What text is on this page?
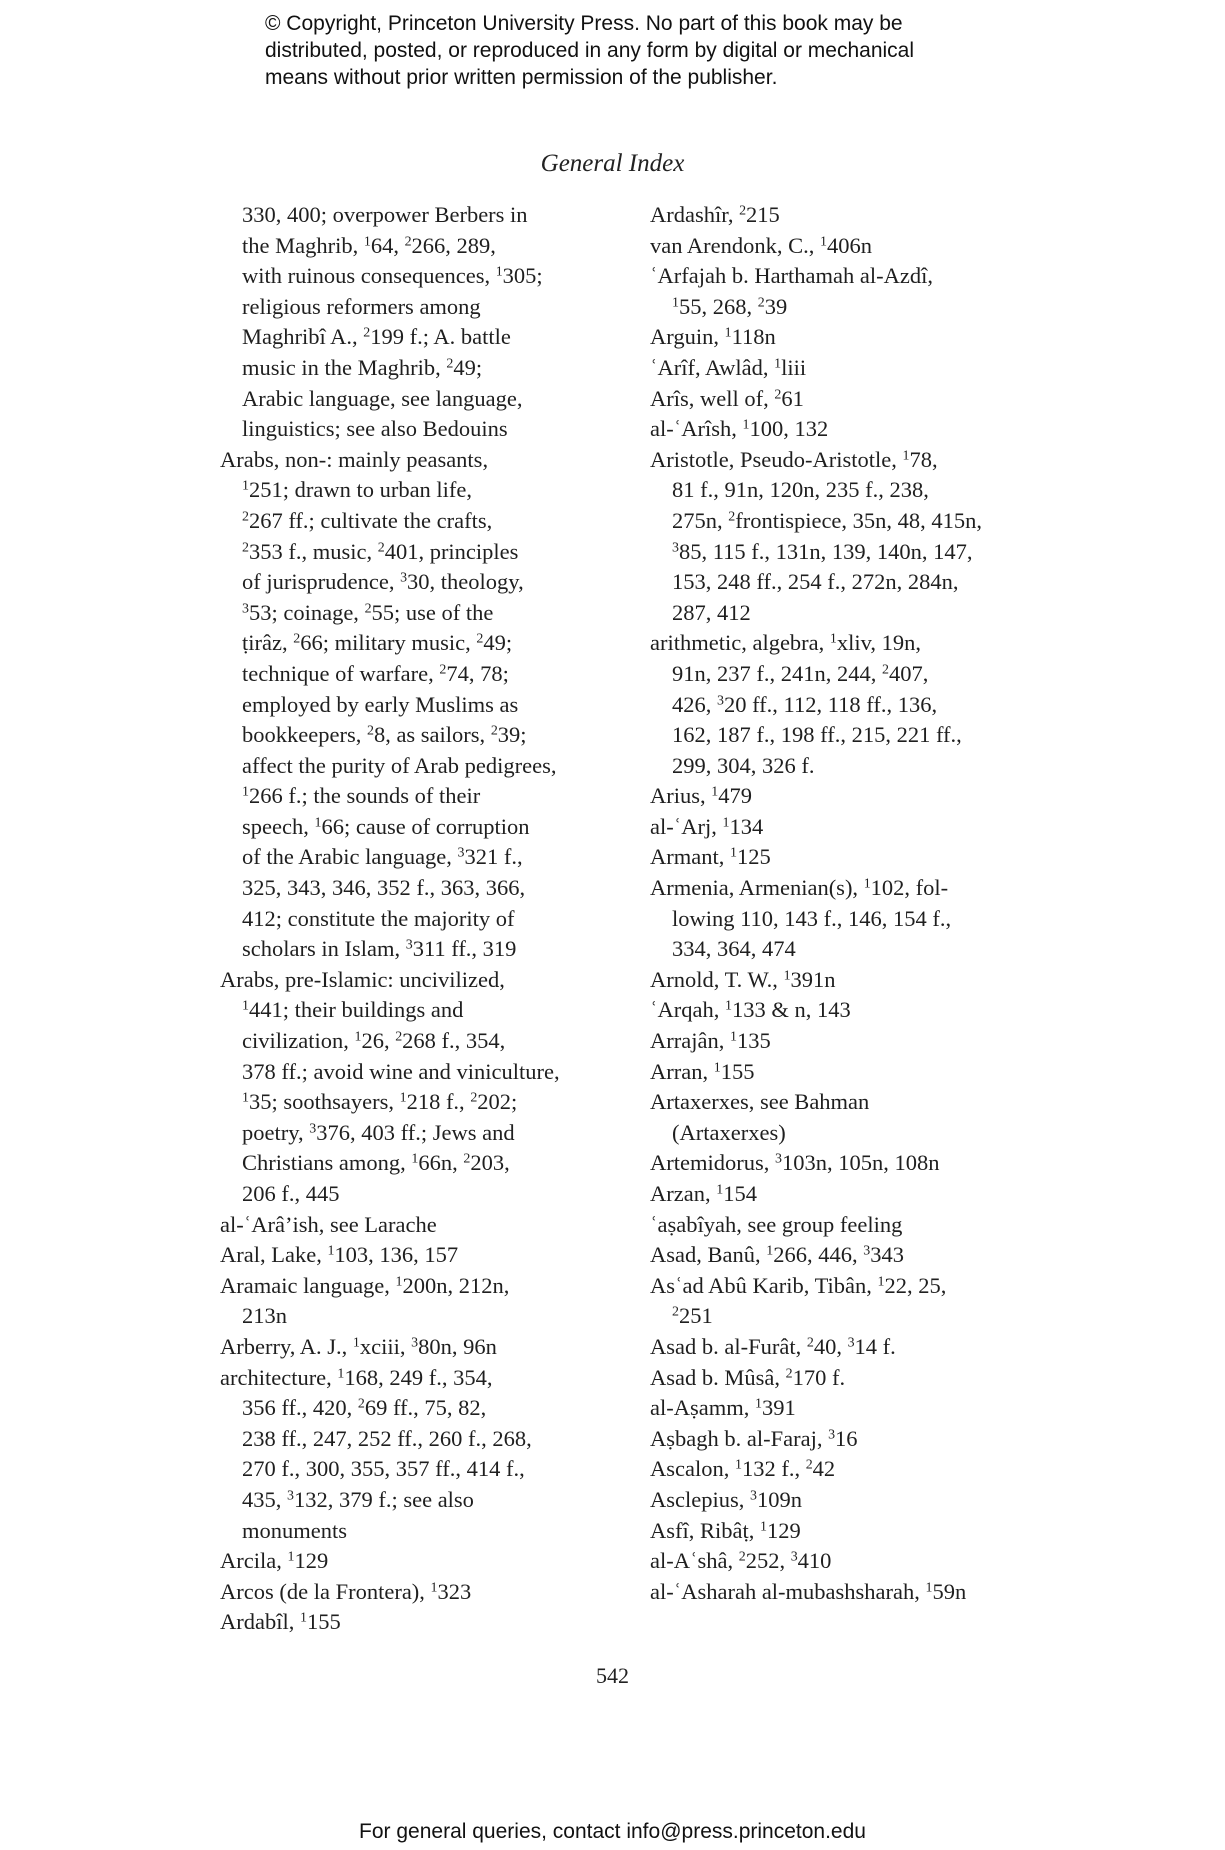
© Copyright, Princeton University Press. No part of this book may be
distributed, posted, or reproduced in any form by digital or mechanical
means without prior written permission of the publisher.
General Index
330, 400; overpower Berbers in
the Maghrib, $^1$64, $^2$266, 289,
with ruinous consequences, $^1$305;
religious reformers among
Maghribî A., $^2$199 f.; A. battle
music in the Maghrib, $^2$49;
Arabic language, see language,
linguistics; see also Bedouins
Arabs, non-: mainly peasants,
$^1$251; drawn to urban life,
$^2$267 ff.; cultivate the crafts,
$^2$353 f., music, $^2$401, principles
of jurisprudence, $^3$30, theology,
$^3$53; coinage, $^2$55; use of the
ṭirâz, $^2$66; military music, $^2$49;
technique of warfare, $^2$74, 78;
employed by early Muslims as
bookkeepers, $^2$8, as sailors, $^2$39;
affect the purity of Arab pedigrees,
$^1$266 f.; the sounds of their
speech, $^1$66; cause of corruption
of the Arabic language, $^3$321 f.,
325, 343, 346, 352 f., 363, 366,
412; constitute the majority of
scholars in Islam, $^3$311 ff., 319
Arabs, pre-Islamic: uncivilized,
$^1$441; their buildings and
civilization, $^1$26, $^2$268 f., 354,
378 ff.; avoid wine and viniculture,
$^1$35; soothsayers, $^1$218 f., $^2$202;
poetry, $^3$376, 403 ff.; Jews and
Christians among, $^1$66n, $^2$203,
206 f., 445
al-ʿArâ’ish, see Larache
Aral, Lake, $^1$103, 136, 157
Aramaic language, $^1$200n, 212n,
213n
Arberry, A. J., $^1$xciii, $^3$80n, 96n
architecture, $^1$168, 249 f., 354,
356 ff., 420, $^2$69 ff., 75, 82,
238 ff., 247, 252 ff., 260 f., 268,
270 f., 300, 355, 357 ff., 414 f.,
435, $^3$132, 379 f.; see also
monuments
Arcila, $^1$129
Arcos (de la Frontera), $^1$323
Ardabîl, $^1$155
Ardashîr, $^2$215
van Arendonk, C., $^1$406n
ʿArfajah b. Harthamah al-Azdî,
$^1$55, 268, $^2$39
Arguin, $^1$118n
ʿArîf, Awlâd, $^1$liii
Arîs, well of, $^2$61
al-ʿArîsh, $^1$100, 132
Aristotle, Pseudo-Aristotle, $^1$78,
81 f., 91n, 120n, 235 f., 238,
275n, $^2$frontispiece, 35n, 48, 415n,
$^3$85, 115 f., 131n, 139, 140n, 147,
153, 248 ff., 254 f., 272n, 284n,
287, 412
arithmetic, algebra, $^1$xliv, 19n,
91n, 237 f., 241n, 244, $^2$407,
426, $^3$20 ff., 112, 118 ff., 136,
162, 187 f., 198 ff., 215, 221 ff.,
299, 304, 326 f.
Arius, $^1$479
al-ʿArj, $^1$134
Armant, $^1$125
Armenia, Armenian(s), $^1$102, fol-
lowing 110, 143 f., 146, 154 f.,
334, 364, 474
Arnold, T. W., $^1$391n
ʿArqah, $^1$133 & n, 143
Arrajân, $^1$135
Arran, $^1$155
Artaxerxes, see Bahman
(Artaxerxes)
Artemidorus, $^3$103n, 105n, 108n
Arzan, $^1$154
ʿaṣabîyah, see group feeling
Asad, Banû, $^1$266, 446, $^3$343
Asʿad Abû Karib, Tibân, $^1$22, 25,
$^2$251
Asad b. al-Furât, $^2$40, $^3$14 f.
Asad b. Mûsâ, $^2$170 f.
al-Aṣamm, $^1$391
Aṣbagh b. al-Faraj, $^3$16
Ascalon, $^1$132 f., $^2$42
Asclepius, $^3$109n
Asfî, Ribâṭ, $^1$129
al-Aʿshâ, $^2$252, $^3$410
al-ʿAsharah al-mubashsharah, $^1$59n
542
For general queries, contact info@press.princeton.edu
